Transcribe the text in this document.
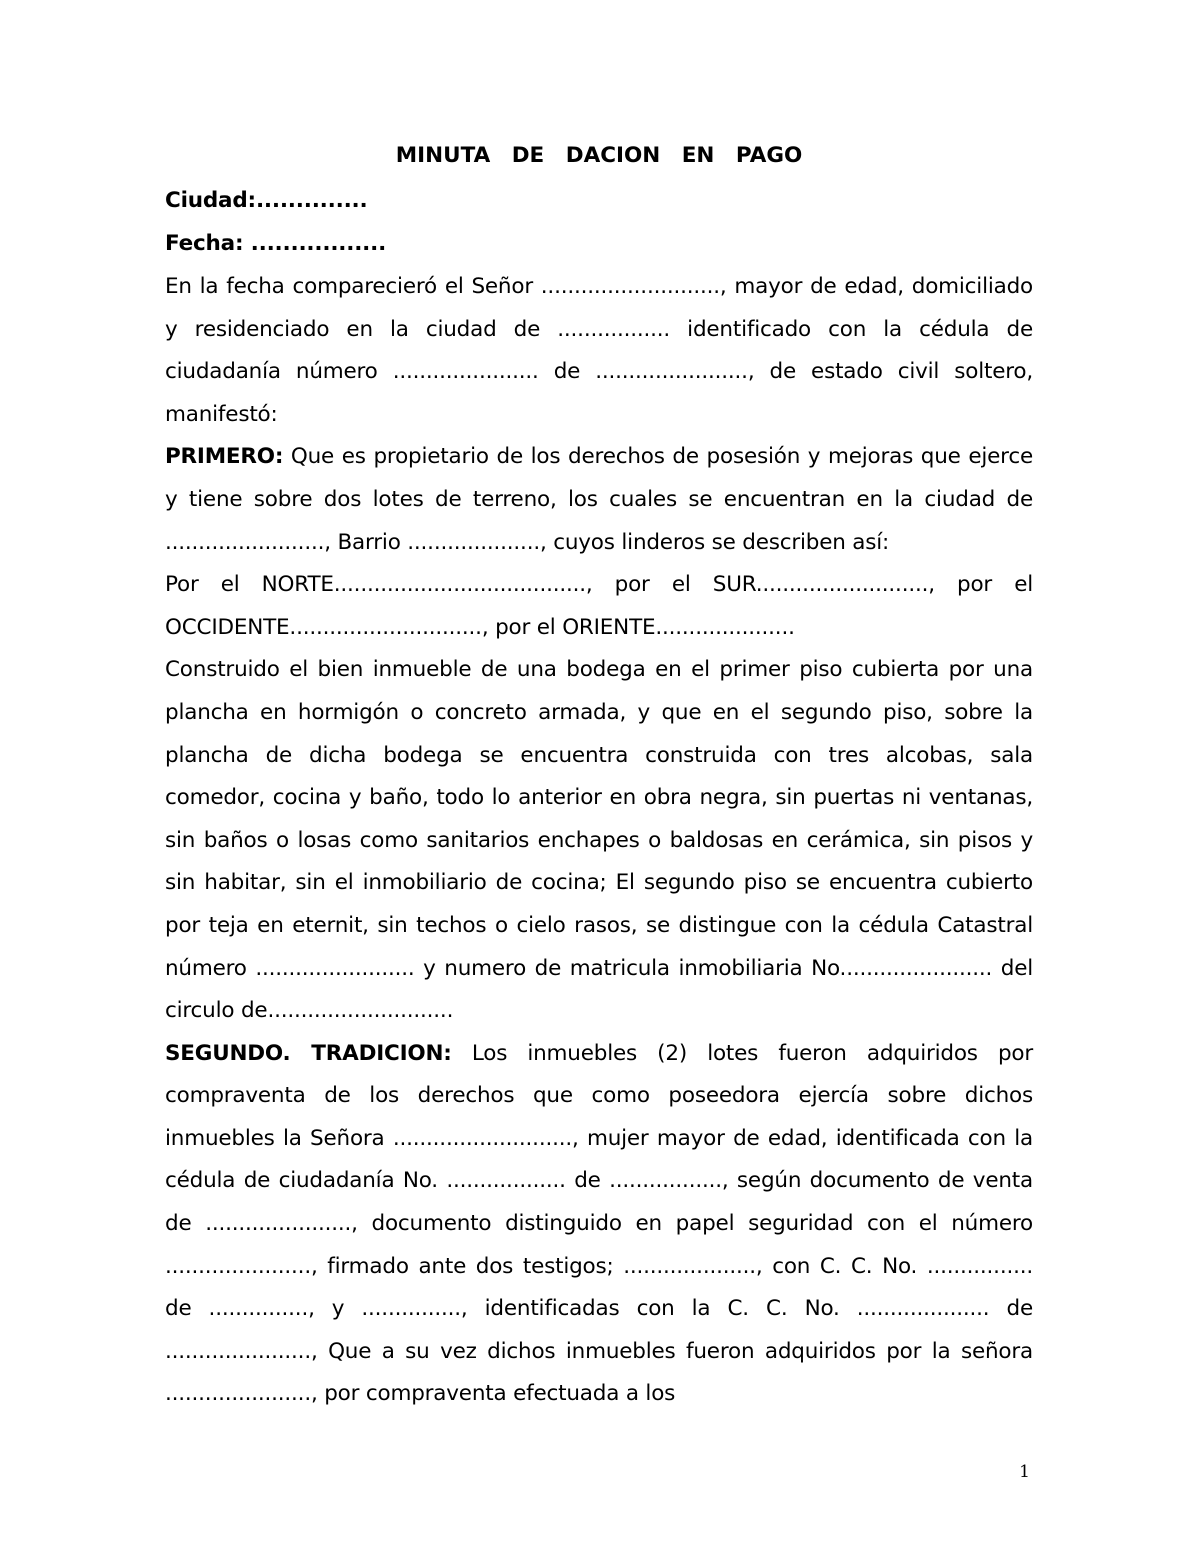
MINUTA DE DACION EN PAGO
Ciudad:..............
Fecha: .................

En la fecha comparecieró el Señor ..........................., mayor de edad, domiciliado y residenciado en la ciudad de ................. identificado con la cédula de ciudadanía número ...................... de ......................., de estado civil soltero, manifestó:

PRIMERO: Que es propietario de los derechos de posesión y mejoras que ejerce y tiene sobre dos lotes de terreno, los cuales se encuentran en la ciudad de ........................, Barrio ...................., cuyos linderos se describen así:

Por el NORTE......................................, por el SUR.........................., por el OCCIDENTE............................., por el ORIENTE.....................

Construido el bien inmueble de una bodega en el primer piso cubierta por una plancha en hormigón o concreto armada, y que en el segundo piso, sobre la plancha de dicha bodega se encuentra construida con tres alcobas, sala comedor, cocina y baño, todo lo anterior en obra negra, sin puertas ni ventanas, sin baños o losas como sanitarios enchapes o baldosas en cerámica, sin pisos y sin habitar, sin el inmobiliario de cocina; El segundo piso se encuentra cubierto por teja en eternit, sin techos o cielo rasos, se distingue con la cédula Catastral número ........................ y numero de matricula inmobiliaria No....................... del circulo de............................

SEGUNDO. TRADICION: Los inmuebles (2) lotes fueron adquiridos por compraventa de los derechos que como poseedora ejercía sobre dichos inmuebles la Señora ..........................., mujer mayor de edad, identificada con la cédula de ciudadanía No. .................. de ................., según documento de venta de ......................, documento distinguido en papel seguridad con el número ......................, firmado ante dos testigos; ...................., con C. C. No. ................ de ..............., y ..............., identificadas con la C. C. No. .................... de ......................, Que a su vez dichos inmuebles fueron adquiridos por la señora ......................, por compraventa efectuada a los

1
